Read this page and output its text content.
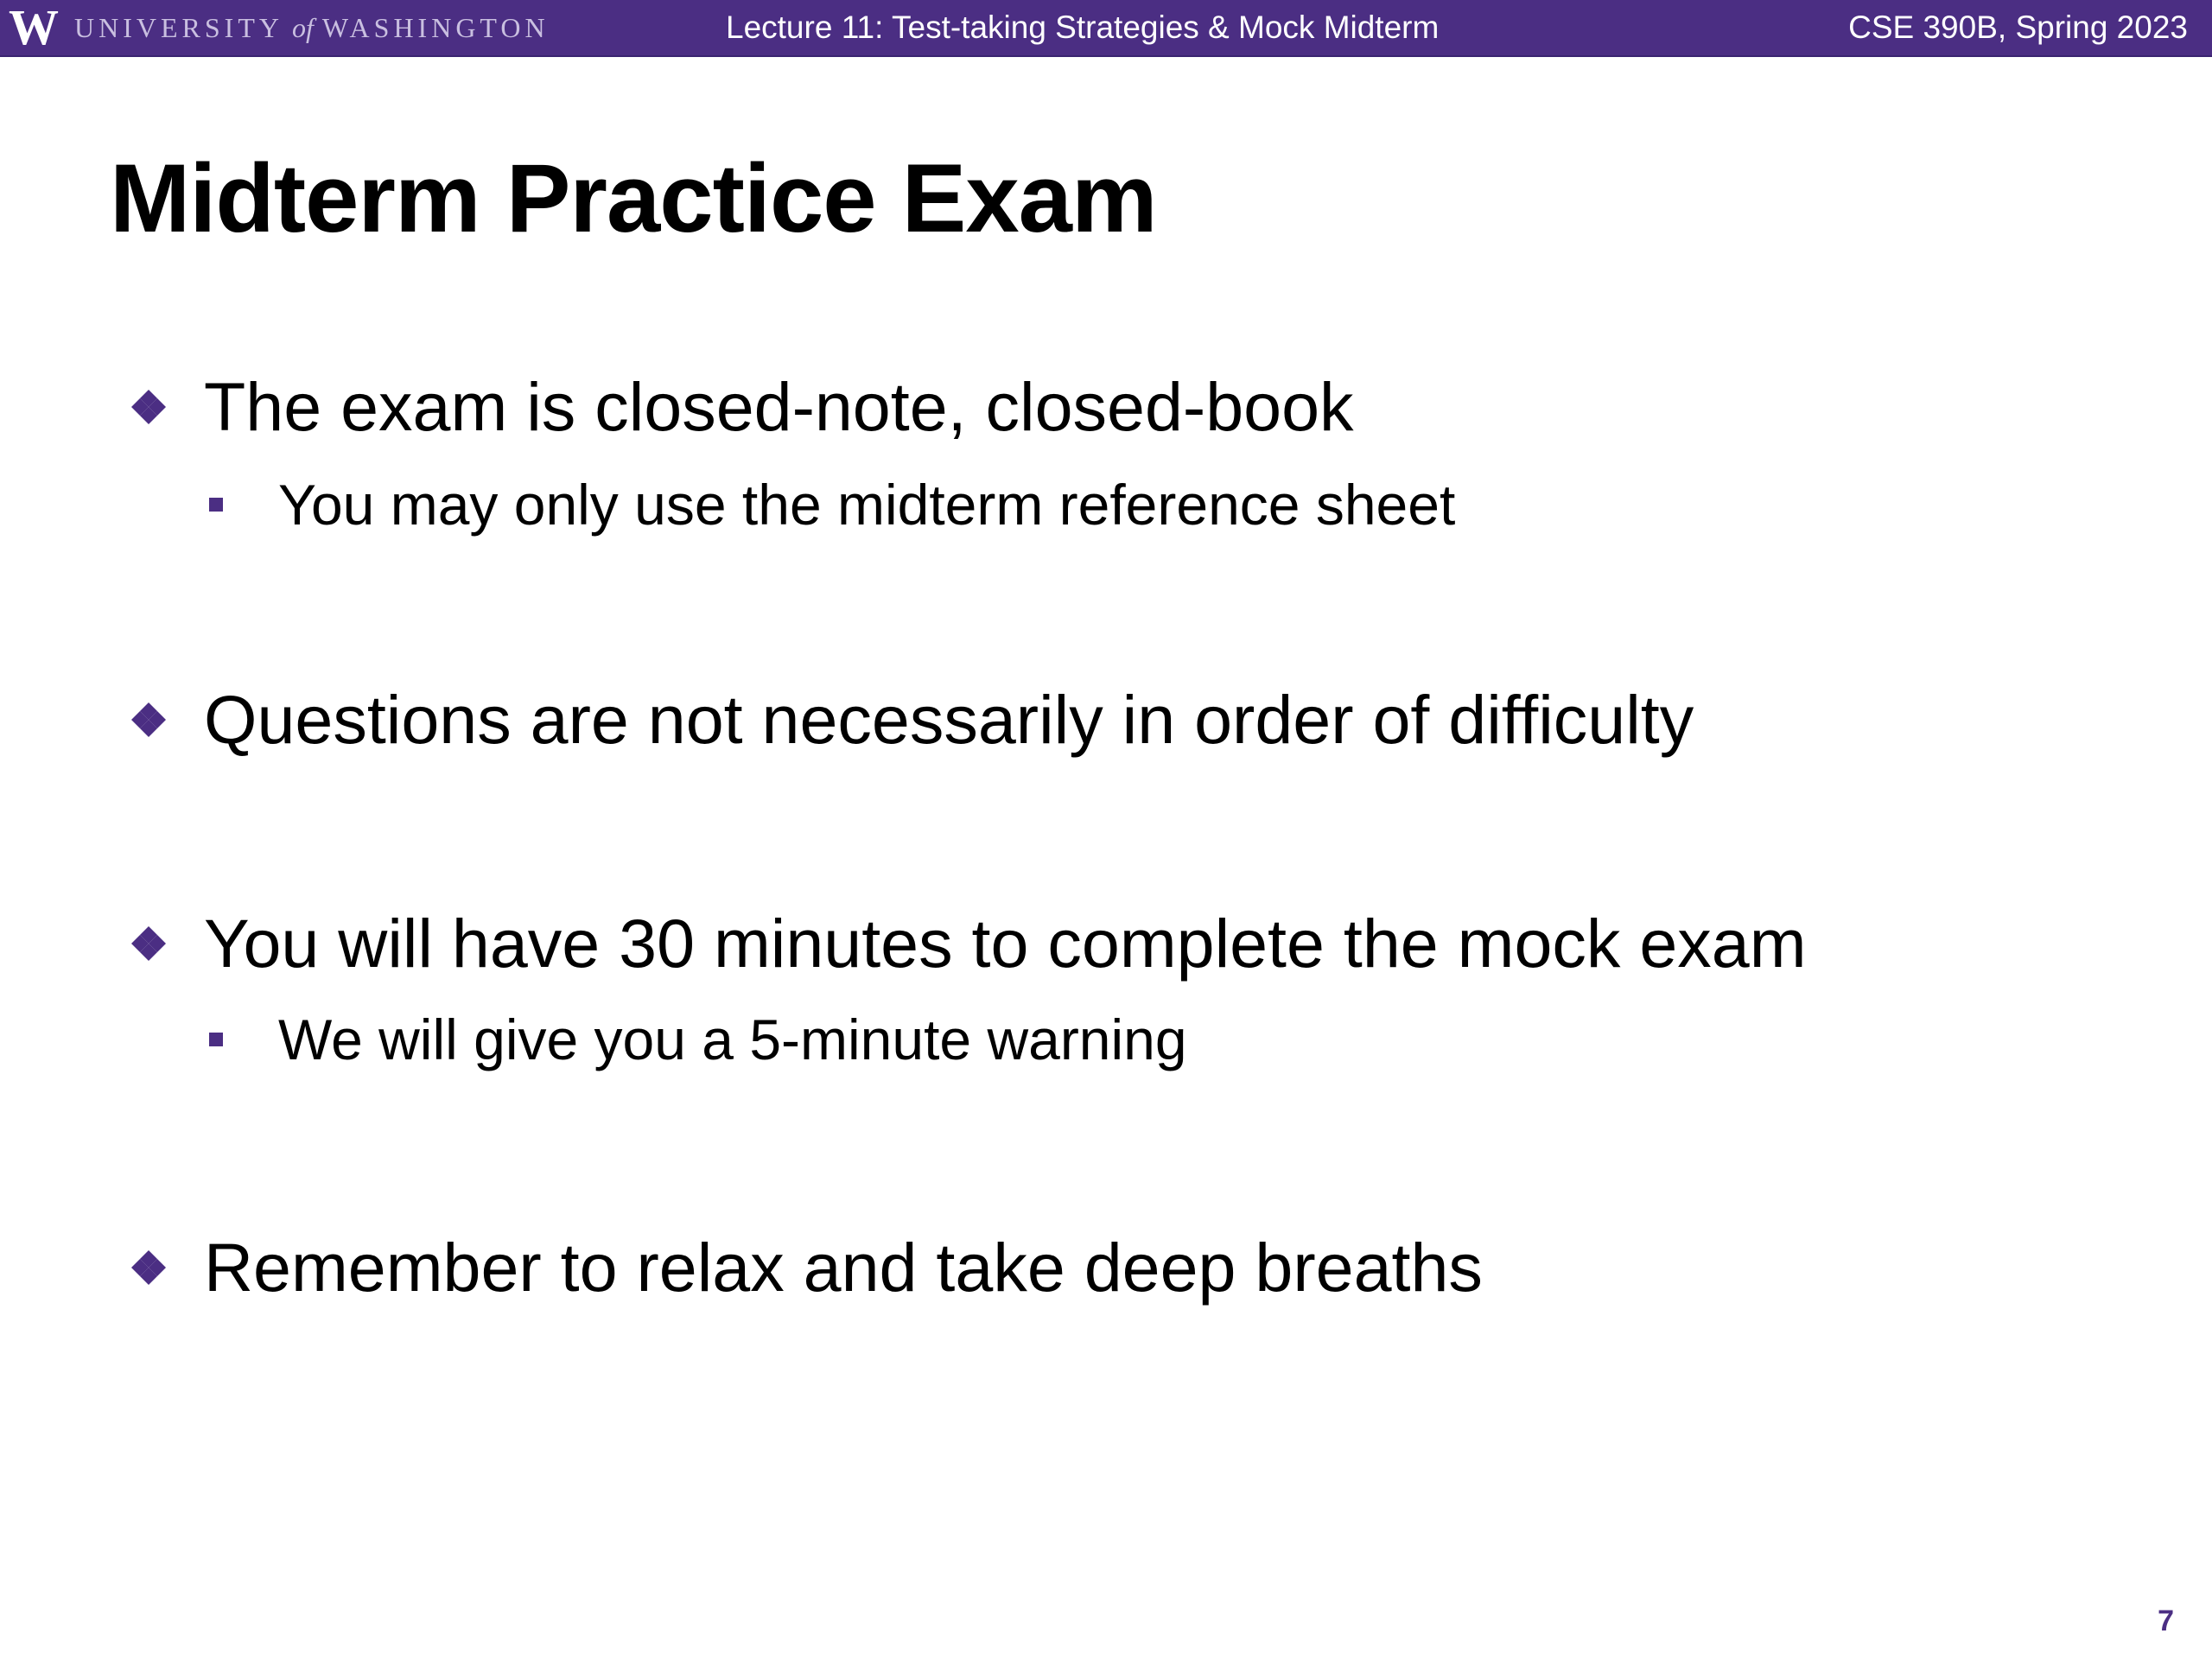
W UNIVERSITY of WASHINGTON	Lecture 11: Test-taking Strategies & Mock Midterm	CSE 390B, Spring 2023
Midterm Practice Exam
The exam is closed-note, closed-book
You may only use the midterm reference sheet
Questions are not necessarily in order of difficulty
You will have 30 minutes to complete the mock exam
We will give you a 5-minute warning
Remember to relax and take deep breaths
7
